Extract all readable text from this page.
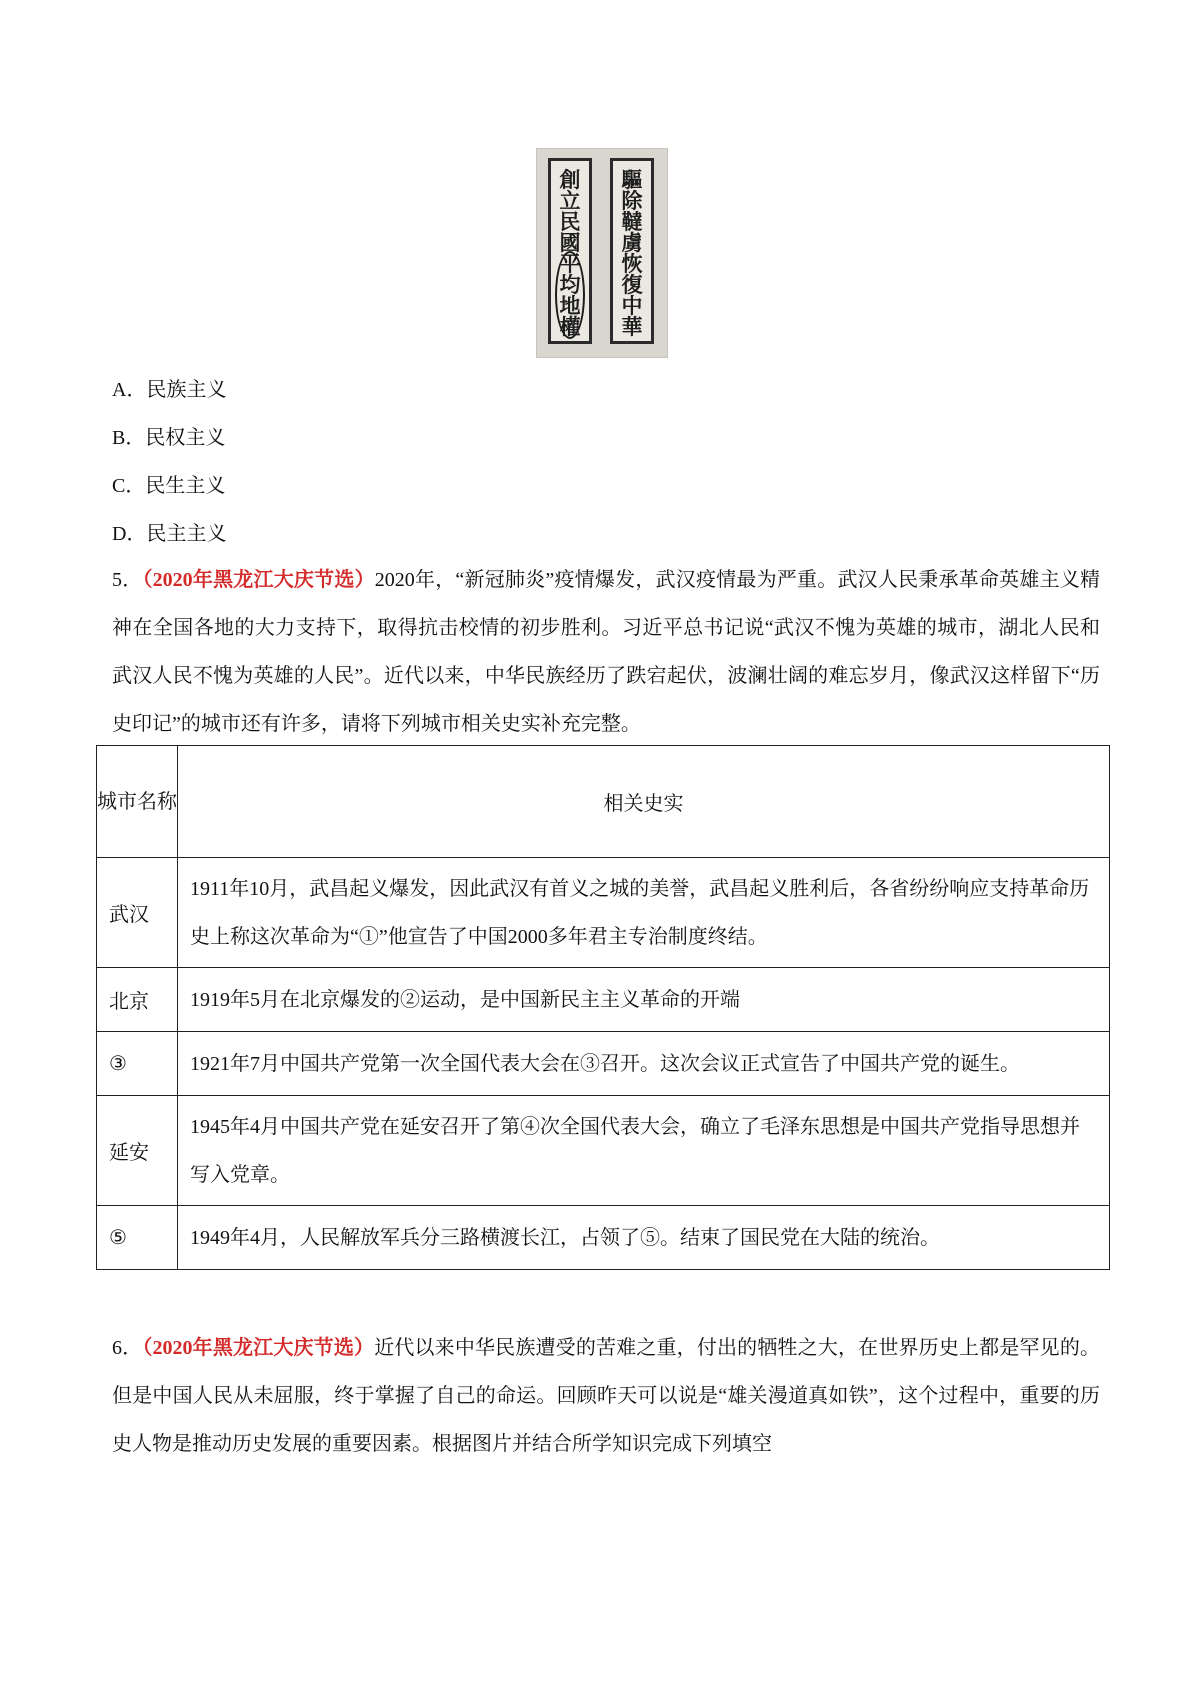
創
立
民
國
平
均
地
權
驅
除
韃
虜
恢
復
中
華
A．民族主义
B．民权主义
C．民生主义
D．民主主义
5．（2020年黑龙江大庆节选）2020年，“新冠肺炎”疫情爆发，武汉疫情最为严重。武汉人民秉承革命英雄主义精神在全国各地的大力支持下，取得抗击校情的初步胜利。习近平总书记说“武汉不愧为英雄的城市，湖北人民和武汉人民不愧为英雄的人民”。近代以来，中华民族经历了跌宕起伏，波澜壮阔的难忘岁月，像武汉这样留下“历史印记”的城市还有许多，请将下列城市相关史实补充完整。
城市名称	相关史实
武汉	1911年10月，武昌起义爆发，因此武汉有首义之城的美誉，武昌起义胜利后，各省纷纷响应支持革命历史上称这次革命为“①”他宣告了中国2000多年君主专治制度终结。
北京	1919年5月在北京爆发的②运动，是中国新民主主义革命的开端
③	1921年7月中国共产党第一次全国代表大会在③召开。这次会议正式宣告了中国共产党的诞生。
延安	1945年4月中国共产党在延安召开了第④次全国代表大会，确立了毛泽东思想是中国共产党指导思想并写入党章。
⑤	1949年4月，人民解放军兵分三路横渡长江，占领了⑤。结束了国民党在大陆的统治。
6．（2020年黑龙江大庆节选）近代以来中华民族遭受的苦难之重，付出的牺牲之大，在世界历史上都是罕见的。但是中国人民从未屈服，终于掌握了自己的命运。回顾昨天可以说是“雄关漫道真如铁”，这个过程中，重要的历史人物是推动历史发展的重要因素。根据图片并结合所学知识完成下列填空
